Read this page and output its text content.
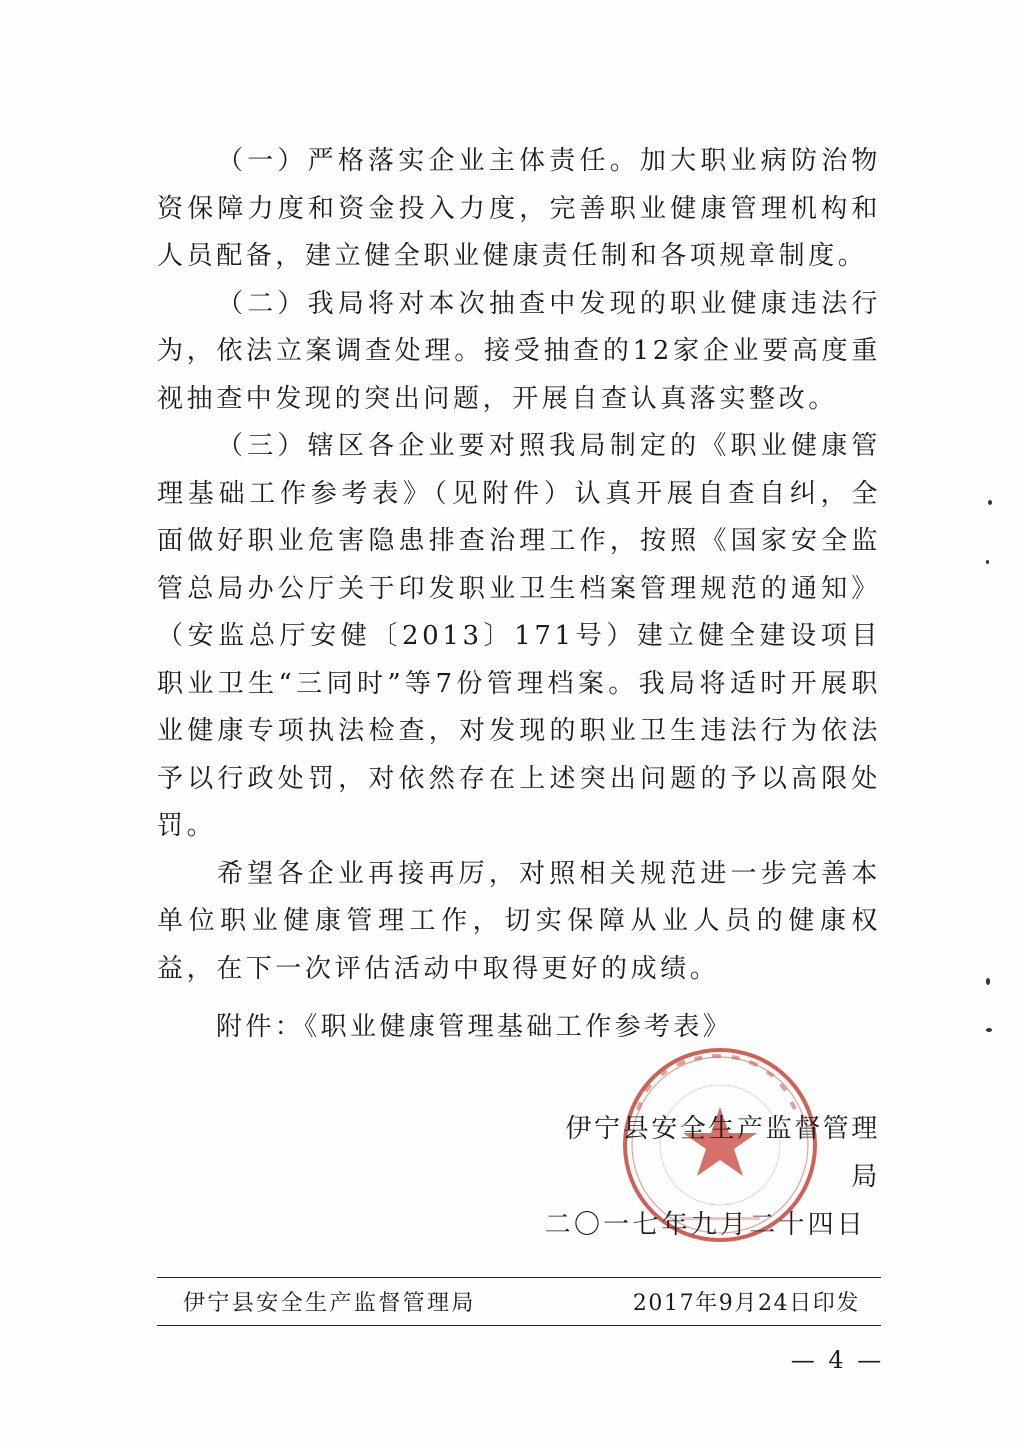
（一）严格落实企业主体责任。加大职业病防治物资保障力度和资金投入力度，完善职业健康管理机构和人员配备，建立健全职业健康责任制和各项规章制度。

（二）我局将对本次抽查中发现的职业健康违法行为，依法立案调查处理。接受抽查的12家企业要高度重视抽查中发现的突出问题，开展自查认真落实整改。

（三）辖区各企业要对照我局制定的《职业健康管理基础工作参考表》（见附件）认真开展自查自纠，全面做好职业危害隐患排查治理工作，按照《国家安全监管总局办公厅关于印发职业卫生档案管理规范的通知》（安监总厅安健〔2013〕171号）建立健全建设项目职业卫生“三同时”等7份管理档案。我局将适时开展职业健康专项执法检查，对发现的职业卫生违法行为依法予以行政处罚，对依然存在上述突出问题的予以高限处罚。

希望各企业再接再厉，对照相关规范进一步完善本单位职业健康管理工作，切实保障从业人员的健康权益，在下一次评估活动中取得更好的成绩。

附件：《职业健康管理基础工作参考表》
伊宁县安全生产监督管理局
二〇一七年九月二十四日
伊宁县安全生产监督管理局	2017年9月24日印发
— 4 —
